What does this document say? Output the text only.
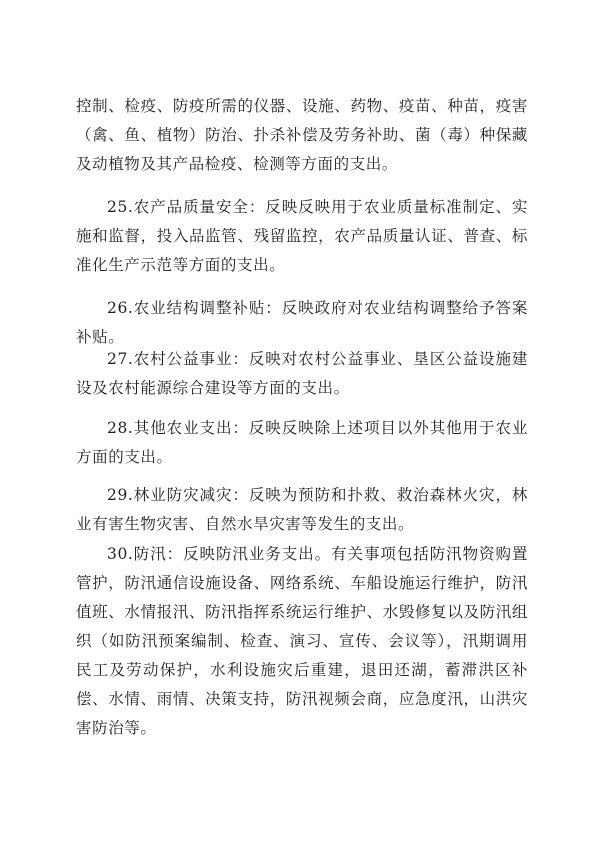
控制、检疫、防疫所需的仪器、设施、药物、疫苗、种苗，疫害（禽、鱼、植物）防治、扑杀补偿及劳务补助、菌（毒）种保藏及动植物及其产品检疫、检测等方面的支出。

25.农产品质量安全：反映反映用于农业质量标准制定、实施和监督，投入品监管、残留监控，农产品质量认证、普查、标准化生产示范等方面的支出。

26.农业结构调整补贴：反映政府对农业结构调整给予答案补贴。

27.农村公益事业：反映对农村公益事业、垦区公益设施建设及农村能源综合建设等方面的支出。

28.其他农业支出：反映反映除上述项目以外其他用于农业方面的支出。

29.林业防灾减灾：反映为预防和扑救、救治森林火灾，林业有害生物灾害、自然水旱灾害等发生的支出。

30.防汛：反映防汛业务支出。有关事项包括防汛物资购置管护，防汛通信设施设备、网络系统、车船设施运行维护，防汛值班、水情报汛、防汛指挥系统运行维护、水毁修复以及防汛组织（如防汛预案编制、检查、演习、宣传、会议等），汛期调用民工及劳动保护，水利设施灾后重建，退田还湖，蓄滞洪区补偿、水情、雨情、决策支持，防汛视频会商，应急度汛，山洪灾害防治等。
